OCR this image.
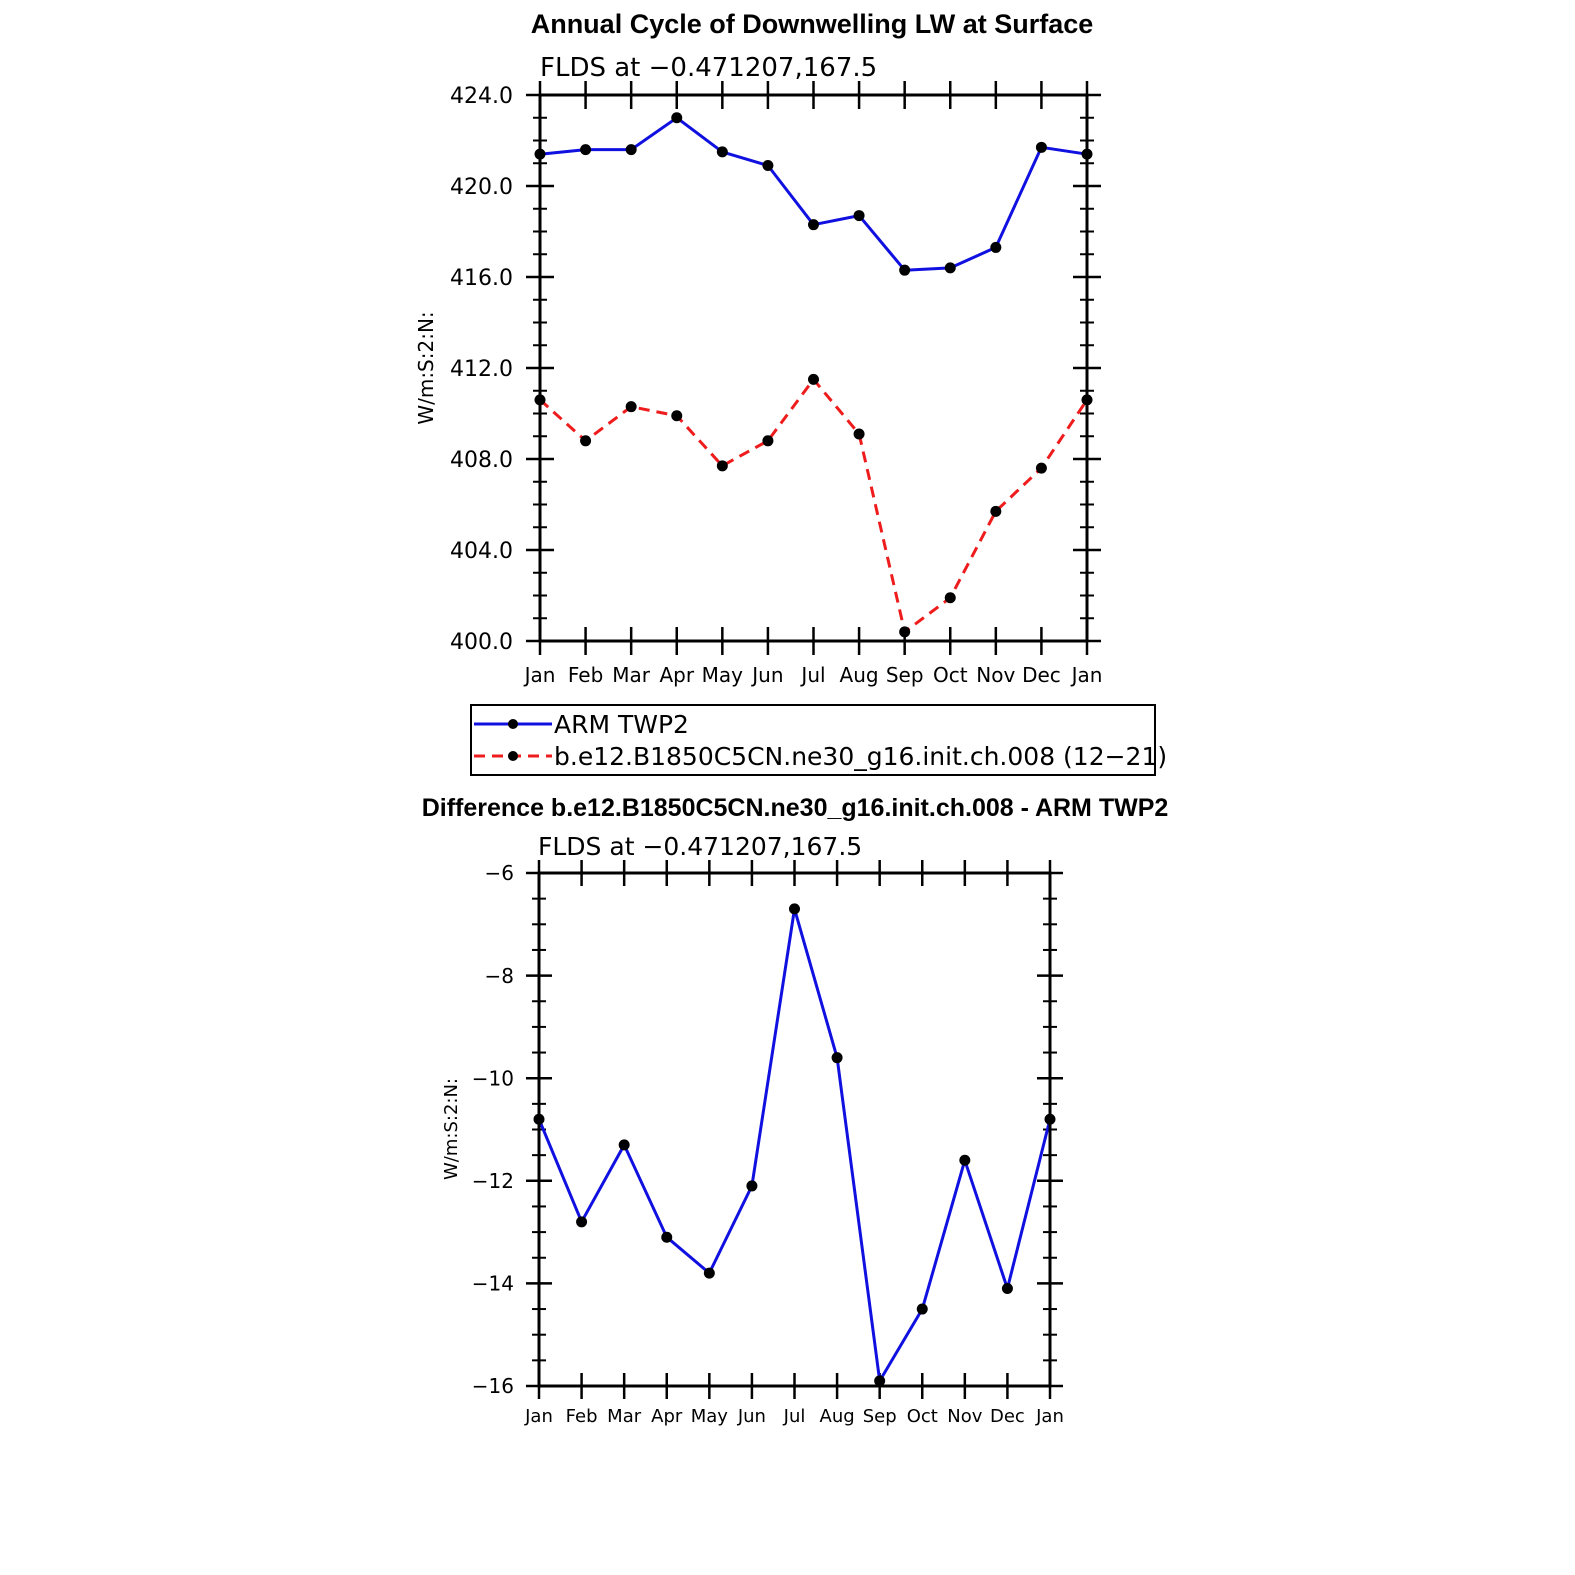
Annual Cycle of Downwelling LW at Surface
FLDS at −0.471207,167.5
W/m:S:2:N:
400.0
404.0
408.0
412.0
416.0
420.0
424.0
Jan Feb Mar Apr May Jun Jul Aug Sep Oct Nov Dec Jan
ARM TWP2
b.e12.B1850C5CN.ne30_g16.init.ch.008 (12−21)
Difference b.e12.B1850C5CN.ne30_g16.init.ch.008 - ARM TWP2
FLDS at −0.471207,167.5
W/m:S:2:N:
−16
−14
−12
−10
−8
−6
Jan Feb Mar Apr May Jun Jul Aug Sep Oct Nov Dec Jan
